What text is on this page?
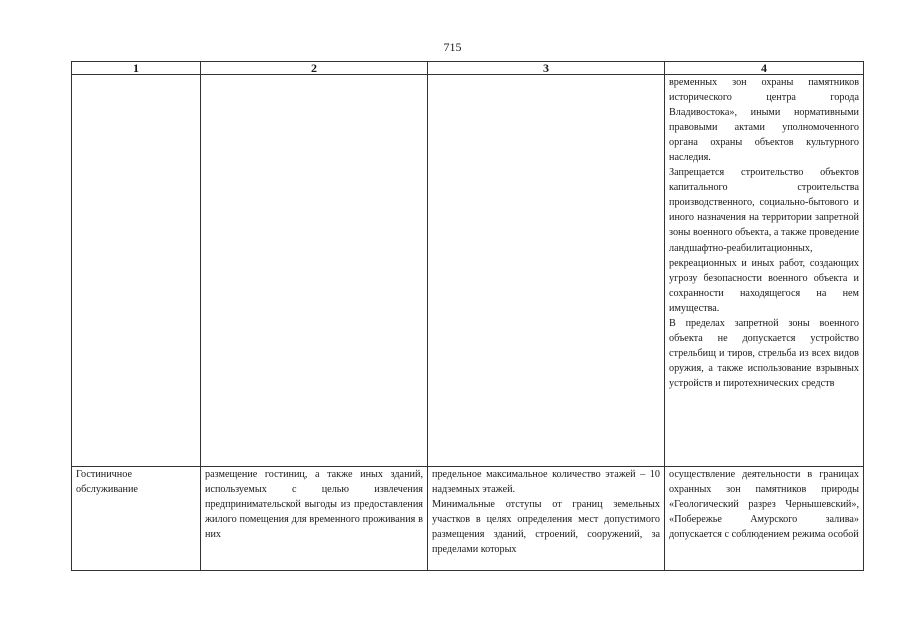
715
1	2	3	4

			временных зон охраны памятников исторического центра города Владивостока», иными нормативными правовыми актами уполномоченного органа охраны объектов культурного наследия.

Запрещается строительство объектов капитального строительства производственного, социально-бытового и иного назначения на территории запретной зоны военного объекта, а также проведение ландшафтно-реабилитационных, рекреационных и иных работ, создающих угрозу безопасности военного объекта и сохранности находящегося на нем имущества.

В пределах запретной зоны военного объекта не допускается устройство стрельбищ и тиров, стрельба из всех видов оружия, а также использование взрывных устройств и пиротехнических средств

Гостиничное обслуживание	размещение гостиниц, а также иных зданий, используемых с целью извлечения предпринимательской выгоды из предоставления жилого помещения для временного проживания в них	предельное максимальное количество этажей – 10 надземных этажей.

Минимальные отступы от границ земельных участков в целях определения мест допустимого размещения зданий, строений, сооружений, за пределами которых	осуществление деятельности в границах охранных зон памятников природы «Геологический разрез Чернышевский», «Побережье Амурского залива» допускается с соблюдением режима особой
